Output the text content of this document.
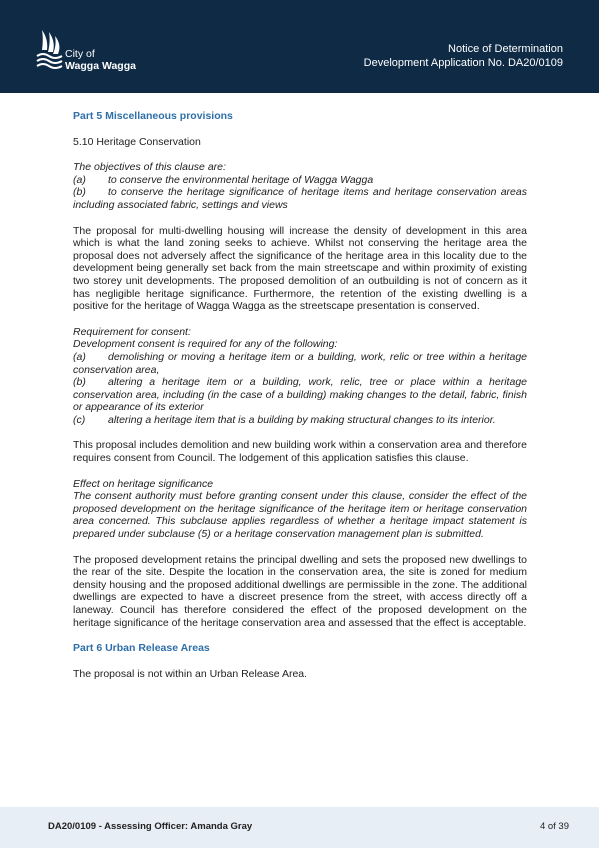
City of
Wagga Wagga
Notice of Determination
Development Application No. DA20/0109
Part 5 Miscellaneous provisions

5.10 Heritage Conservation

The objectives of this clause are:
(a)	to conserve the environmental heritage of Wagga Wagga

(b) to conserve the heritage significance of heritage items and heritage conservation areas including associated fabric, settings and views

The proposal for multi-dwelling housing will increase the density of development in this area which is what the land zoning seeks to achieve. Whilst not conserving the heritage area the proposal does not adversely affect the significance of the heritage area in this locality due to the development being generally set back from the main streetscape and within proximity of existing two storey unit developments. The proposed demolition of an outbuilding is not of concern as it has negligible heritage significance. Furthermore, the retention of the existing dwelling is a positive for the heritage of Wagga Wagga as the streetscape presentation is conserved.

Requirement for consent:
Development consent is required for any of the following:
(a) demolishing or moving a heritage item or a building, work, relic or tree within a heritage conservation area,
(b) altering a heritage item or a building, work, relic, tree or place within a heritage conservation area, including (in the case of a building) making changes to the detail, fabric, finish or appearance of its exterior

(c) altering a heritage item that is a building by making structural changes to its interior.

This proposal includes demolition and new building work within a conservation area and therefore requires consent from Council. The lodgement of this application satisfies this clause.

Effect on heritage significance

The consent authority must before granting consent under this clause, consider the effect of the proposed development on the heritage significance of the heritage item or heritage conservation area concerned. This subclause applies regardless of whether a heritage impact statement is prepared under subclause (5) or a heritage conservation management plan is submitted.

The proposed development retains the principal dwelling and sets the proposed new dwellings to the rear of the site. Despite the location in the conservation area, the site is zoned for medium density housing and the proposed additional dwellings are permissible in the zone. The additional dwellings are expected to have a discreet presence from the street, with access directly off a laneway. Council has therefore considered the effect of the proposed development on the heritage significance of the heritage conservation area and assessed that the effect is acceptable.

Part 6 Urban Release Areas

The proposal is not within an Urban Release Area.

DA20/0109 - Assessing Officer: Amanda Gray	4 of 39
